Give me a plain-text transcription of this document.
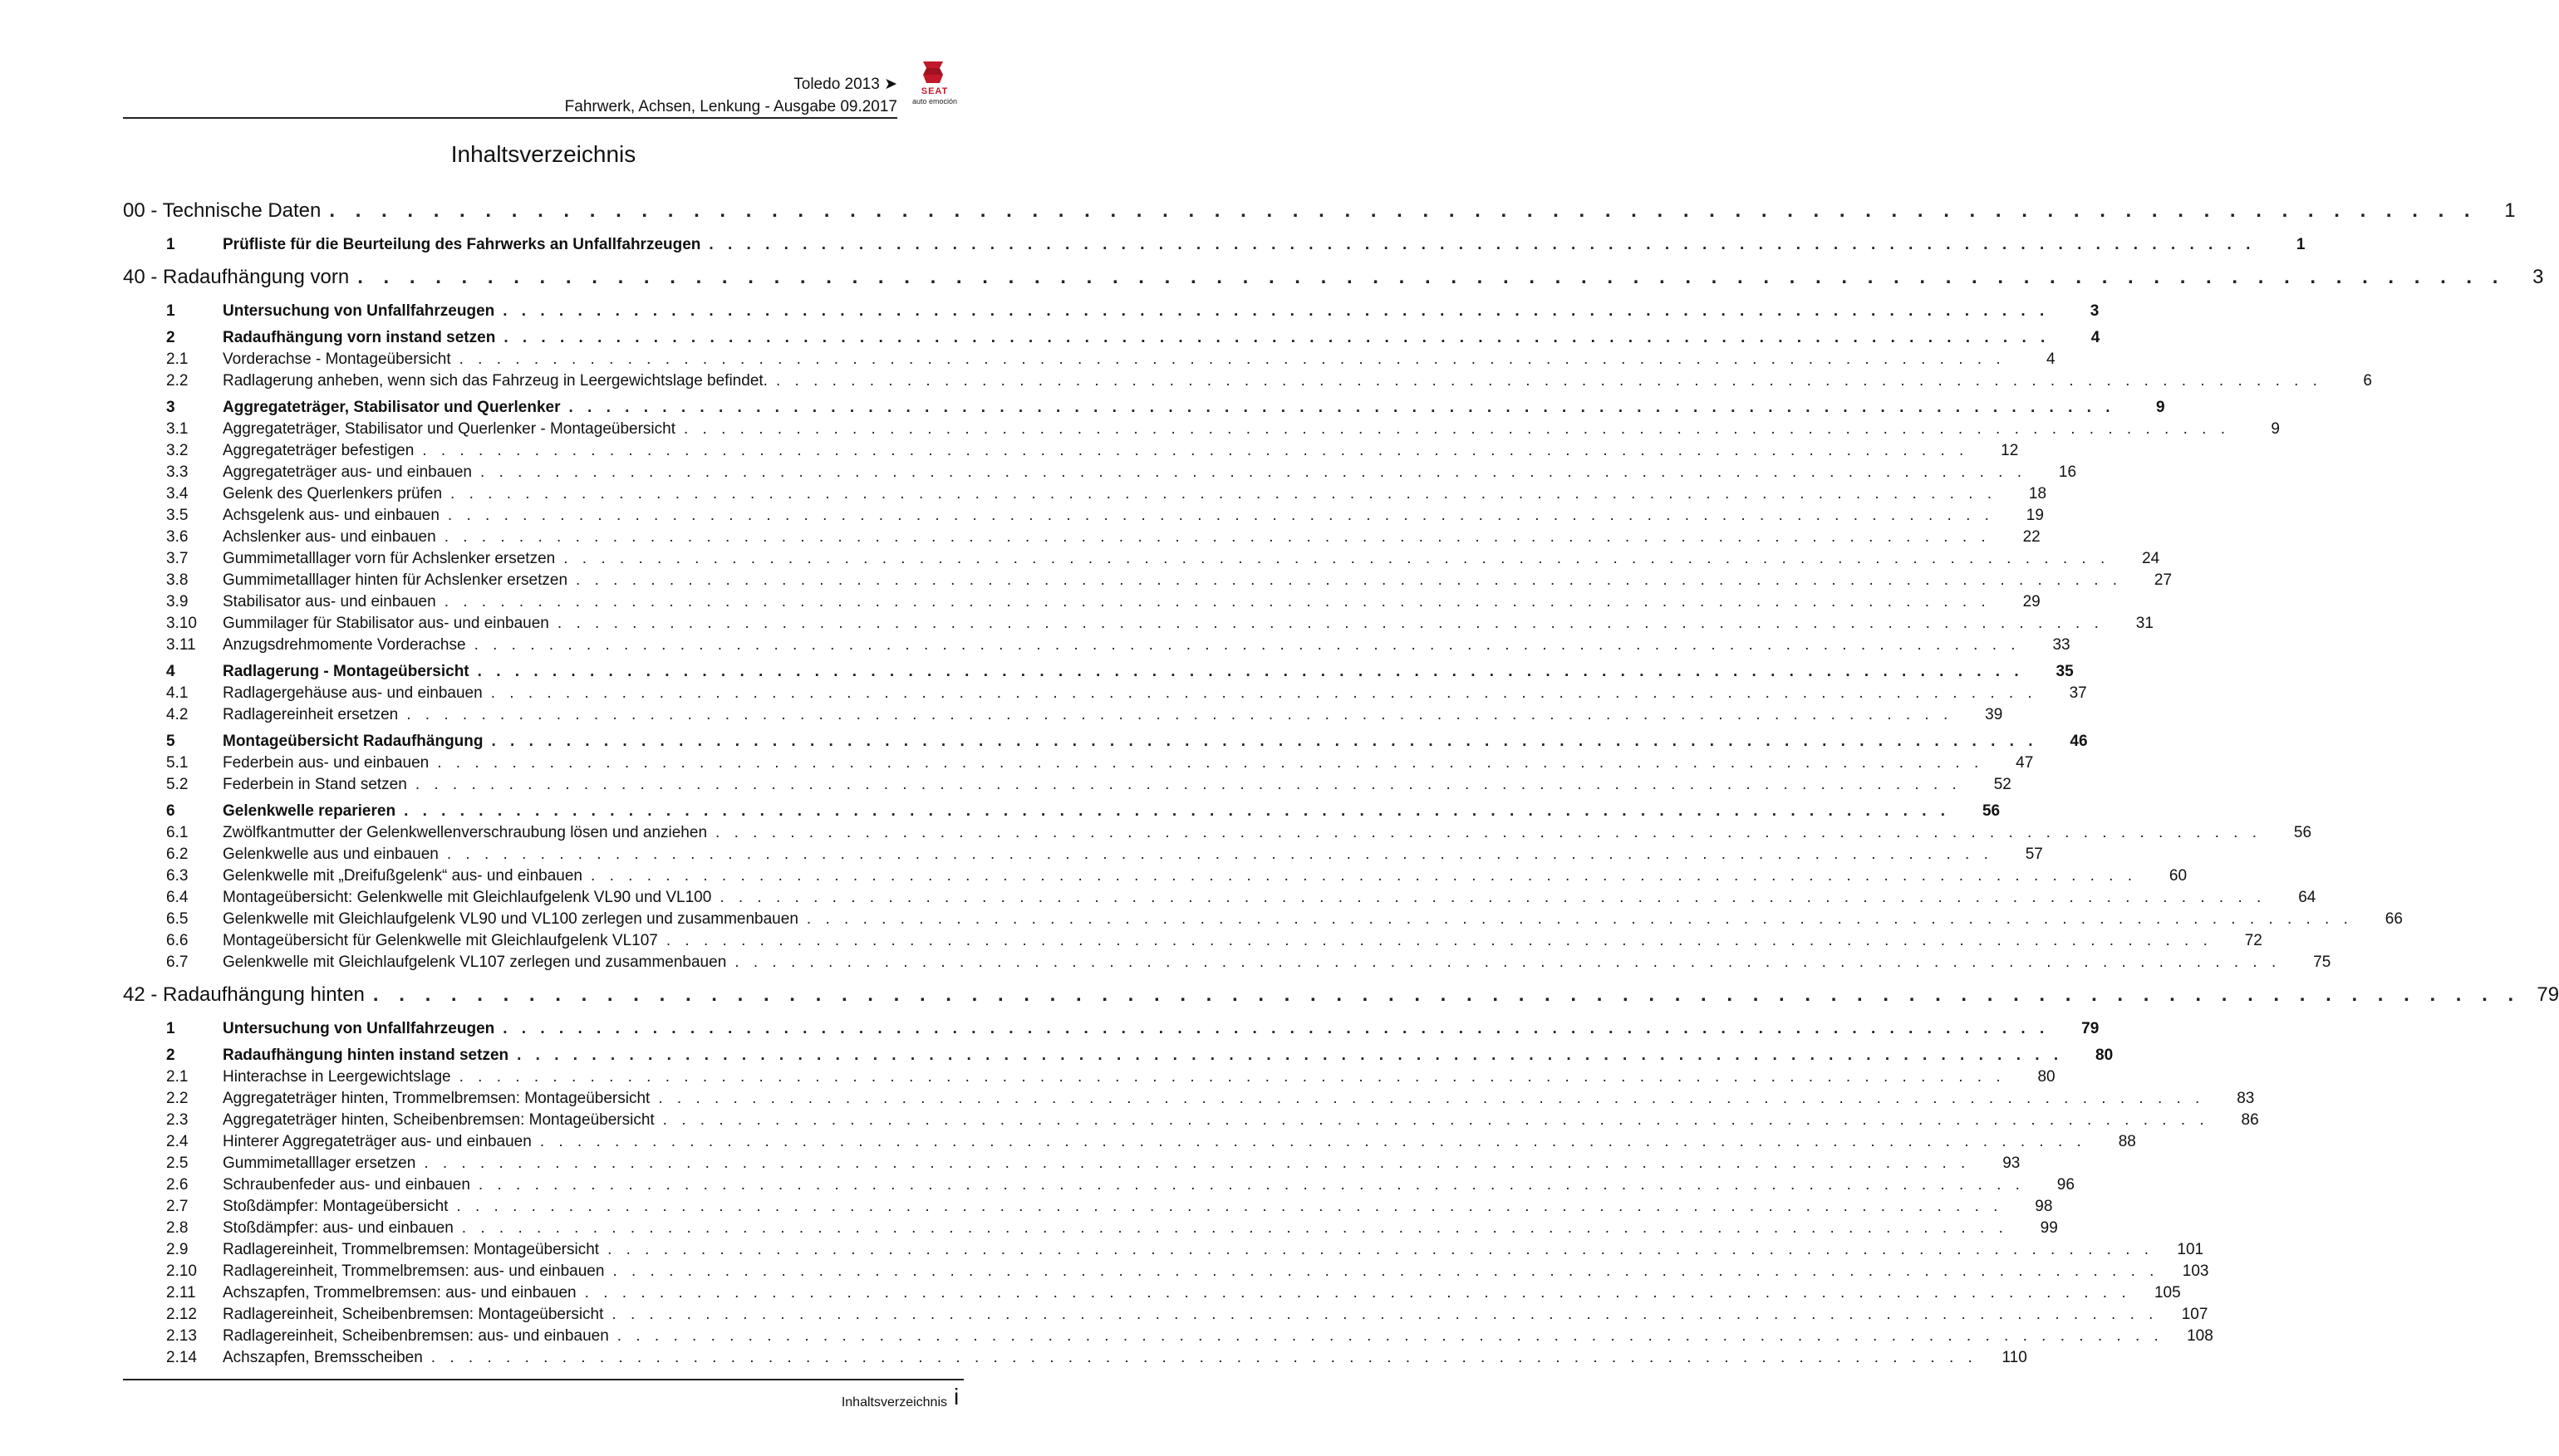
Toledo 2013 ➤
Fahrwerk, Achsen, Lenkung - Ausgabe 09.2017
SEAT
auto emoción
Inhaltsverzeichnis
00 - Technische Daten . . . . . . . . . . . . . . . . . . . . . . . . . . . . . . . . . . . . . . . . . . . . . . . . . . . . . . . . . . . . . . . . . . . . . . . . . . . . . . . . . . .	1
1	Prüfliste für die Beurteilung des Fahrwerks an Unfallfahrzeugen . . . . . . . . . . . . . . . . . . . . . . . . . . . . . . . . . . . . . . . . . . . . . . . . . . . . . . . . . . . . . . . . . . . . . . . . . . . . . . . . . . .	1
40 - Radaufhängung vorn . . . . . . . . . . . . . . . . . . . . . . . . . . . . . . . . . . . . . . . . . . . . . . . . . . . . . . . . . . . . . . . . . . . . . . . . . . . . . . . . . . .	3
1	Untersuchung von Unfallfahrzeugen . . . . . . . . . . . . . . . . . . . . . . . . . . . . . . . . . . . . . . . . . . . . . . . . . . . . . . . . . . . . . . . . . . . . . . . . . . . . . . . . . . .	3
2	Radaufhängung vorn instand setzen . . . . . . . . . . . . . . . . . . . . . . . . . . . . . . . . . . . . . . . . . . . . . . . . . . . . . . . . . . . . . . . . . . . . . . . . . . . . . . . . . . .	4
2.1	Vorderachse - Montageübersicht . . . . . . . . . . . . . . . . . . . . . . . . . . . . . . . . . . . . . . . . . . . . . . . . . . . . . . . . . . . . . . . . . . . . . . . . . . . . . . . . . . .	4
2.2	Radlagerung anheben, wenn sich das Fahrzeug in Leergewichtslage befindet. . . . . . . . . . . . . . . . . . . . . . . . . . . . . . . . . . . . . . . . . . . . . . . . . . . . . . . . . . . . . . . . . . . . . . . . . . . . . . . . . . . .	6
3	Aggregateträger, Stabilisator und Querlenker . . . . . . . . . . . . . . . . . . . . . . . . . . . . . . . . . . . . . . . . . . . . . . . . . . . . . . . . . . . . . . . . . . . . . . . . . . . . . . . . . . .	9
3.1	Aggregateträger, Stabilisator und Querlenker - Montageübersicht . . . . . . . . . . . . . . . . . . . . . . . . . . . . . . . . . . . . . . . . . . . . . . . . . . . . . . . . . . . . . . . . . . . . . . . . . . . . . . . . . . .	9
3.2	Aggregateträger befestigen . . . . . . . . . . . . . . . . . . . . . . . . . . . . . . . . . . . . . . . . . . . . . . . . . . . . . . . . . . . . . . . . . . . . . . . . . . . . . . . . . . .	12
3.3	Aggregateträger aus- und einbauen . . . . . . . . . . . . . . . . . . . . . . . . . . . . . . . . . . . . . . . . . . . . . . . . . . . . . . . . . . . . . . . . . . . . . . . . . . . . . . . . . . .	16
3.4	Gelenk des Querlenkers prüfen . . . . . . . . . . . . . . . . . . . . . . . . . . . . . . . . . . . . . . . . . . . . . . . . . . . . . . . . . . . . . . . . . . . . . . . . . . . . . . . . . . .	18
3.5	Achsgelenk aus- und einbauen . . . . . . . . . . . . . . . . . . . . . . . . . . . . . . . . . . . . . . . . . . . . . . . . . . . . . . . . . . . . . . . . . . . . . . . . . . . . . . . . . . .	19
3.6	Achslenker aus- und einbauen . . . . . . . . . . . . . . . . . . . . . . . . . . . . . . . . . . . . . . . . . . . . . . . . . . . . . . . . . . . . . . . . . . . . . . . . . . . . . . . . . . .	22
3.7	Gummimetalllager vorn für Achslenker ersetzen . . . . . . . . . . . . . . . . . . . . . . . . . . . . . . . . . . . . . . . . . . . . . . . . . . . . . . . . . . . . . . . . . . . . . . . . . . . . . . . . . . .	24
3.8	Gummimetalllager hinten für Achslenker ersetzen . . . . . . . . . . . . . . . . . . . . . . . . . . . . . . . . . . . . . . . . . . . . . . . . . . . . . . . . . . . . . . . . . . . . . . . . . . . . . . . . . . .	27
3.9	Stabilisator aus- und einbauen . . . . . . . . . . . . . . . . . . . . . . . . . . . . . . . . . . . . . . . . . . . . . . . . . . . . . . . . . . . . . . . . . . . . . . . . . . . . . . . . . . .	29
3.10	Gummilager für Stabilisator aus- und einbauen . . . . . . . . . . . . . . . . . . . . . . . . . . . . . . . . . . . . . . . . . . . . . . . . . . . . . . . . . . . . . . . . . . . . . . . . . . . . . . . . . . .	31
3.11	Anzugsdrehmomente Vorderachse . . . . . . . . . . . . . . . . . . . . . . . . . . . . . . . . . . . . . . . . . . . . . . . . . . . . . . . . . . . . . . . . . . . . . . . . . . . . . . . . . . .	33
4	Radlagerung - Montageübersicht . . . . . . . . . . . . . . . . . . . . . . . . . . . . . . . . . . . . . . . . . . . . . . . . . . . . . . . . . . . . . . . . . . . . . . . . . . . . . . . . . . .	35
4.1	Radlagergehäuse aus- und einbauen . . . . . . . . . . . . . . . . . . . . . . . . . . . . . . . . . . . . . . . . . . . . . . . . . . . . . . . . . . . . . . . . . . . . . . . . . . . . . . . . . . .	37
4.2	Radlagereinheit ersetzen . . . . . . . . . . . . . . . . . . . . . . . . . . . . . . . . . . . . . . . . . . . . . . . . . . . . . . . . . . . . . . . . . . . . . . . . . . . . . . . . . . .	39
5	Montageübersicht Radaufhängung . . . . . . . . . . . . . . . . . . . . . . . . . . . . . . . . . . . . . . . . . . . . . . . . . . . . . . . . . . . . . . . . . . . . . . . . . . . . . . . . . . .	46
5.1	Federbein aus- und einbauen . . . . . . . . . . . . . . . . . . . . . . . . . . . . . . . . . . . . . . . . . . . . . . . . . . . . . . . . . . . . . . . . . . . . . . . . . . . . . . . . . . .	47
5.2	Federbein in Stand setzen . . . . . . . . . . . . . . . . . . . . . . . . . . . . . . . . . . . . . . . . . . . . . . . . . . . . . . . . . . . . . . . . . . . . . . . . . . . . . . . . . . .	52
6	Gelenkwelle reparieren . . . . . . . . . . . . . . . . . . . . . . . . . . . . . . . . . . . . . . . . . . . . . . . . . . . . . . . . . . . . . . . . . . . . . . . . . . . . . . . . . . .	56
6.1	Zwölfkantmutter der Gelenkwellenverschraubung lösen und anziehen . . . . . . . . . . . . . . . . . . . . . . . . . . . . . . . . . . . . . . . . . . . . . . . . . . . . . . . . . . . . . . . . . . . . . . . . . . . . . . . . . . .	56
6.2	Gelenkwelle aus und einbauen . . . . . . . . . . . . . . . . . . . . . . . . . . . . . . . . . . . . . . . . . . . . . . . . . . . . . . . . . . . . . . . . . . . . . . . . . . . . . . . . . . .	57
6.3	Gelenkwelle mit „Dreifußgelenk“ aus- und einbauen . . . . . . . . . . . . . . . . . . . . . . . . . . . . . . . . . . . . . . . . . . . . . . . . . . . . . . . . . . . . . . . . . . . . . . . . . . . . . . . . . . .	60
6.4	Montageübersicht: Gelenkwelle mit Gleichlaufgelenk VL90 und VL100 . . . . . . . . . . . . . . . . . . . . . . . . . . . . . . . . . . . . . . . . . . . . . . . . . . . . . . . . . . . . . . . . . . . . . . . . . . . . . . . . . . .	64
6.5	Gelenkwelle mit Gleichlaufgelenk VL90 und VL100 zerlegen und zusammenbauen . . . . . . . . . . . . . . . . . . . . . . . . . . . . . . . . . . . . . . . . . . . . . . . . . . . . . . . . . . . . . . . . . . . . . . . . . . . . . . . . . . .	66
6.6	Montageübersicht für Gelenkwelle mit Gleichlaufgelenk VL107 . . . . . . . . . . . . . . . . . . . . . . . . . . . . . . . . . . . . . . . . . . . . . . . . . . . . . . . . . . . . . . . . . . . . . . . . . . . . . . . . . . .	72
6.7	Gelenkwelle mit Gleichlaufgelenk VL107 zerlegen und zusammenbauen . . . . . . . . . . . . . . . . . . . . . . . . . . . . . . . . . . . . . . . . . . . . . . . . . . . . . . . . . . . . . . . . . . . . . . . . . . . . . . . . . . .	75
42 - Radaufhängung hinten . . . . . . . . . . . . . . . . . . . . . . . . . . . . . . . . . . . . . . . . . . . . . . . . . . . . . . . . . . . . . . . . . . . . . . . . . . . . . . . . . . . 79
1	Untersuchung von Unfallfahrzeugen . . . . . . . . . . . . . . . . . . . . . . . . . . . . . . . . . . . . . . . . . . . . . . . . . . . . . . . . . . . . . . . . . . . . . . . . . . . . . . . . . . .	79
2	Radaufhängung hinten instand setzen . . . . . . . . . . . . . . . . . . . . . . . . . . . . . . . . . . . . . . . . . . . . . . . . . . . . . . . . . . . . . . . . . . . . . . . . . . . . . . . . . . .	80
2.1	Hinterachse in Leergewichtslage . . . . . . . . . . . . . . . . . . . . . . . . . . . . . . . . . . . . . . . . . . . . . . . . . . . . . . . . . . . . . . . . . . . . . . . . . . . . . . . . . . .	80
2.2	Aggregateträger hinten, Trommelbremsen: Montageübersicht . . . . . . . . . . . . . . . . . . . . . . . . . . . . . . . . . . . . . . . . . . . . . . . . . . . . . . . . . . . . . . . . . . . . . . . . . . . . . . . . . . .	83
2.3	Aggregateträger hinten, Scheibenbremsen: Montageübersicht . . . . . . . . . . . . . . . . . . . . . . . . . . . . . . . . . . . . . . . . . . . . . . . . . . . . . . . . . . . . . . . . . . . . . . . . . . . . . . . . . . .	86
2.4	Hinterer Aggregateträger aus- und einbauen . . . . . . . . . . . . . . . . . . . . . . . . . . . . . . . . . . . . . . . . . . . . . . . . . . . . . . . . . . . . . . . . . . . . . . . . . . . . . . . . . . .	88
2.5	Gummimetalllager ersetzen . . . . . . . . . . . . . . . . . . . . . . . . . . . . . . . . . . . . . . . . . . . . . . . . . . . . . . . . . . . . . . . . . . . . . . . . . . . . . . . . . . .	93
2.6	Schraubenfeder aus- und einbauen . . . . . . . . . . . . . . . . . . . . . . . . . . . . . . . . . . . . . . . . . . . . . . . . . . . . . . . . . . . . . . . . . . . . . . . . . . . . . . . . . . .	96
2.7	Stoßdämpfer: Montageübersicht . . . . . . . . . . . . . . . . . . . . . . . . . . . . . . . . . . . . . . . . . . . . . . . . . . . . . . . . . . . . . . . . . . . . . . . . . . . . . . . . . . .	98
2.8	Stoßdämpfer: aus- und einbauen . . . . . . . . . . . . . . . . . . . . . . . . . . . . . . . . . . . . . . . . . . . . . . . . . . . . . . . . . . . . . . . . . . . . . . . . . . . . . . . . . . .	99
2.9	Radlagereinheit, Trommelbremsen: Montageübersicht . . . . . . . . . . . . . . . . . . . . . . . . . . . . . . . . . . . . . . . . . . . . . . . . . . . . . . . . . . . . . . . . . . . . . . . . . . . . . . . . . . .	101
2.10	Radlagereinheit, Trommelbremsen: aus- und einbauen . . . . . . . . . . . . . . . . . . . . . . . . . . . . . . . . . . . . . . . . . . . . . . . . . . . . . . . . . . . . . . . . . . . . . . . . . . . . . . . . . . .	103
2.11	Achszapfen, Trommelbremsen: aus- und einbauen . . . . . . . . . . . . . . . . . . . . . . . . . . . . . . . . . . . . . . . . . . . . . . . . . . . . . . . . . . . . . . . . . . . . . . . . . . . . . . . . . . .	105
2.12	Radlagereinheit, Scheibenbremsen: Montageübersicht . . . . . . . . . . . . . . . . . . . . . . . . . . . . . . . . . . . . . . . . . . . . . . . . . . . . . . . . . . . . . . . . . . . . . . . . . . . . . . . . . . .	107
2.13	Radlagereinheit, Scheibenbremsen: aus- und einbauen . . . . . . . . . . . . . . . . . . . . . . . . . . . . . . . . . . . . . . . . . . . . . . . . . . . . . . . . . . . . . . . . . . . . . . . . . . . . . . . . . . .	108
2.14	Achszapfen, Bremsscheiben . . . . . . . . . . . . . . . . . . . . . . . . . . . . . . . . . . . . . . . . . . . . . . . . . . . . . . . . . . . . . . . . . . . . . . . . . . . . . . . . . . .	110
Inhaltsverzeichnis i
